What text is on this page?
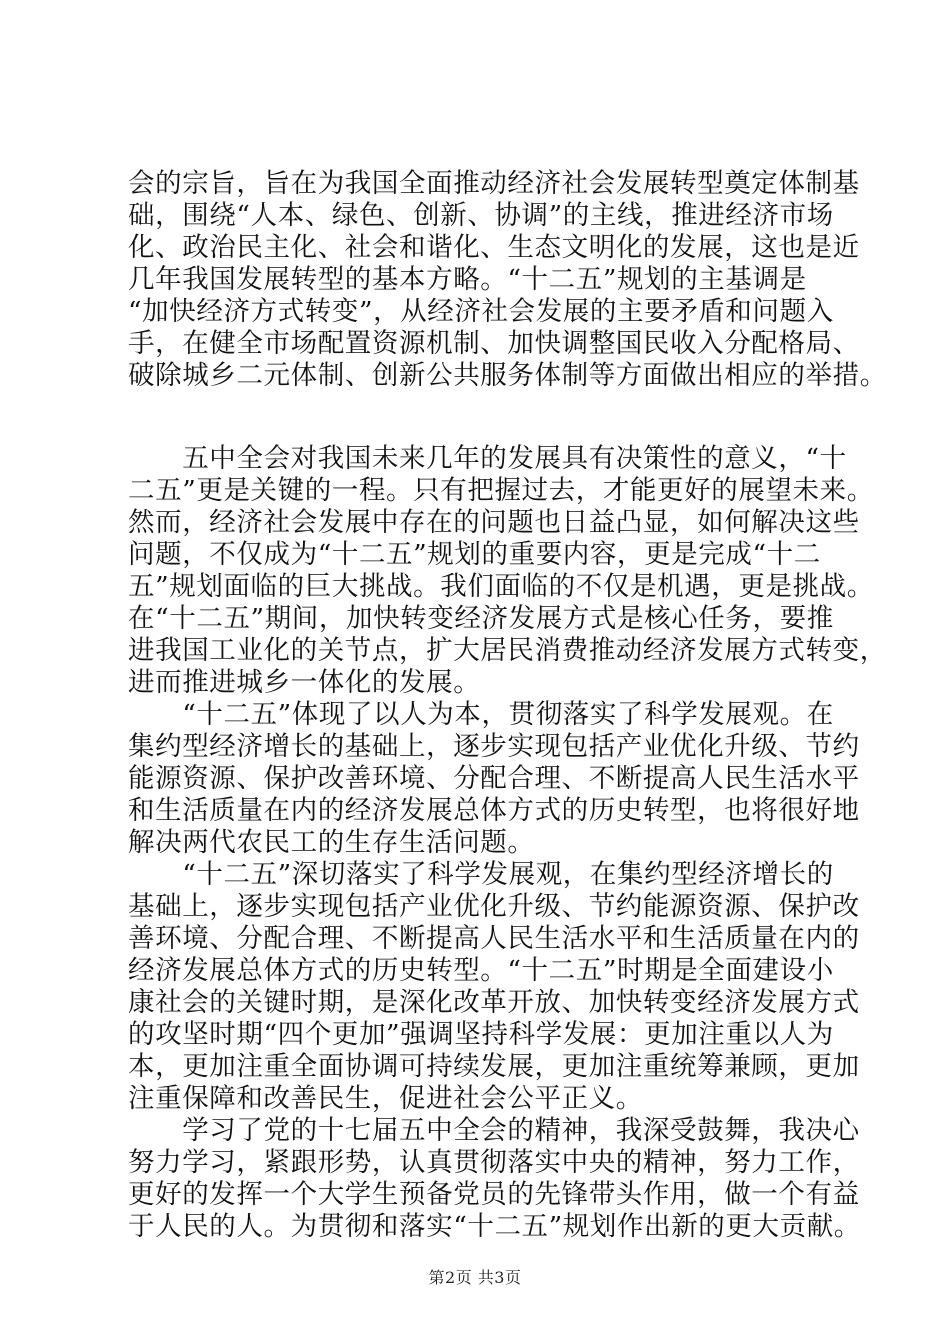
会的宗旨，旨在为我国全面推动经济社会发展转型奠定体制基
础，围绕“人本、绿色、创新、协调”的主线，推进经济市场
化、政治民主化、社会和谐化、生态文明化的发展，这也是近
几年我国发展转型的基本方略。“十二五”规划的主基调是
“加快经济方式转变”，从经济社会发展的主要矛盾和问题入
手，在健全市场配置资源机制、加快调整国民收入分配格局、
破除城乡二元体制、创新公共服务体制等方面做出相应的举措。
　　五中全会对我国未来几年的发展具有决策性的意义，“十
二五”更是关键的一程。只有把握过去，才能更好的展望未来。
然而，经济社会发展中存在的问题也日益凸显，如何解决这些
问题，不仅成为“十二五”规划的重要内容，更是完成“十二
五”规划面临的巨大挑战。我们面临的不仅是机遇，更是挑战。
在“十二五”期间，加快转变经济发展方式是核心任务，要推
进我国工业化的关节点，扩大居民消费推动经济发展方式转变，
进而推进城乡一体化的发展。
　　“十二五”体现了以人为本，贯彻落实了科学发展观。在
集约型经济增长的基础上，逐步实现包括产业优化升级、节约
能源资源、保护改善环境、分配合理、不断提高人民生活水平
和生活质量在内的经济发展总体方式的历史转型，也将很好地
解决两代农民工的生存生活问题。
　　“十二五”深切落实了科学发展观，在集约型经济增长的
基础上，逐步实现包括产业优化升级、节约能源资源、保护改
善环境、分配合理、不断提高人民生活水平和生活质量在内的
经济发展总体方式的历史转型。“十二五”时期是全面建设小
康社会的关键时期，是深化改革开放、加快转变经济发展方式
的攻坚时期“四个更加”强调坚持科学发展：更加注重以人为
本，更加注重全面协调可持续发展，更加注重统筹兼顾，更加
注重保障和改善民生，促进社会公平正义。
　　学习了党的十七届五中全会的精神，我深受鼓舞，我决心
努力学习，紧跟形势，认真贯彻落实中央的精神，努力工作，
更好的发挥一个大学生预备党员的先锋带头作用，做一个有益
于人民的人。为贯彻和落实“十二五”规划作出新的更大贡献。
第2页 共3页
